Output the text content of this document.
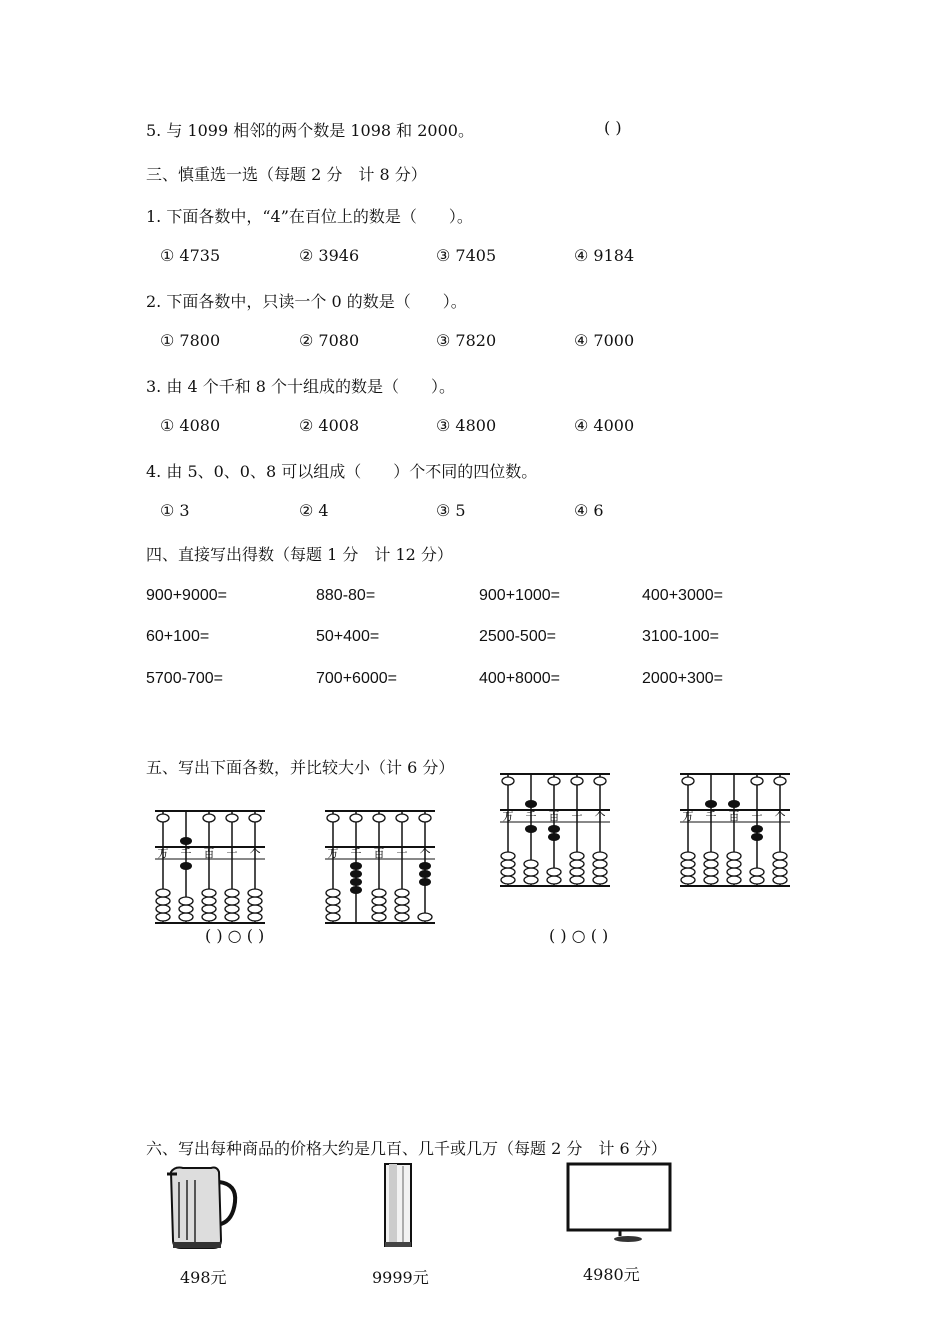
5. 与 1099 相邻的两个数是 1098 和 2000。	( )
三、慎重选一选（每题 2 分　计 8 分）
1. 下面各数中，“4”在百位上的数是（　　）。
① 4735	② 3946	③ 7405	④ 9184
2. 下面各数中，只读一个 0 的数是（　　）。
① 7800	② 7080	③ 7820	④ 7000
3. 由 4 个千和 8 个十组成的数是（　　）。
① 4080	② 4008	③ 4800	④ 4000
4. 由 5、0、0、8 可以组成（　　）个不同的四位数。
① 3	② 4	③ 5	④ 6
四、直接写出得数（每题 1 分　计 12 分）
900+9000=	880-80=	900+1000=	400+3000=
60+100=	50+400=	2500-500=	3100-100=
5700-700=	700+6000=	400+8000=	2000+300=
五、写出下面各数，并比较大小（计 6 分）
万 千 百 十 个	万 千 百 十 个
万 千 百 十 个	万 千 百 十 个
( ) ○ ( )	( ) ○ ( )
六、写出每种商品的价格大约是几百、几千或几万（每题 2 分　计 6 分）
498元	9999元	4980元
